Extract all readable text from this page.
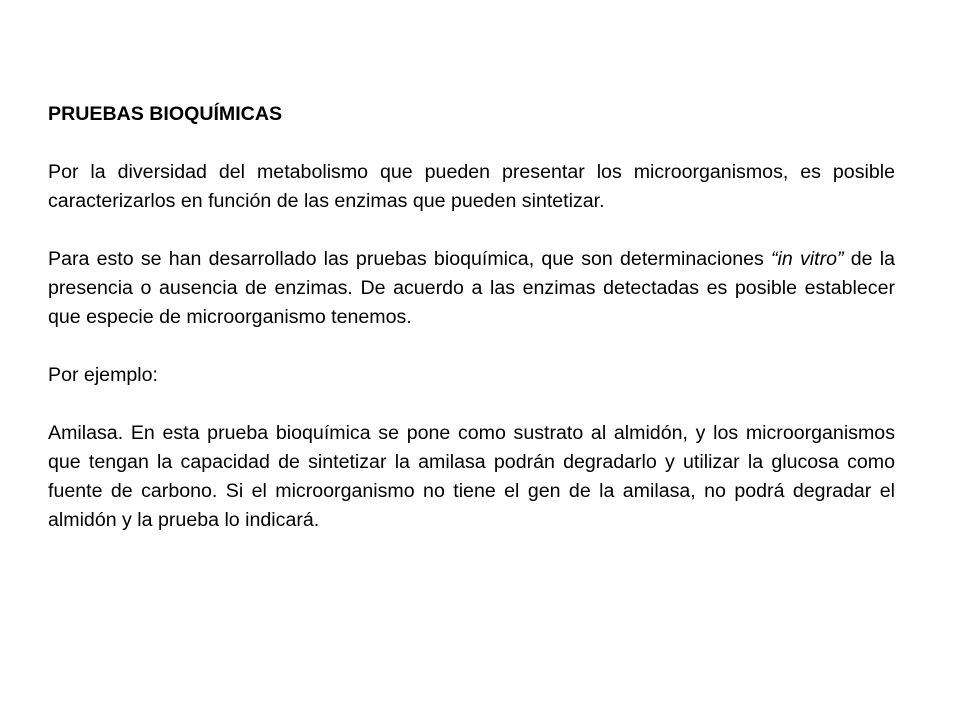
PRUEBAS BIOQUÍMICAS

Por la diversidad del metabolismo que pueden presentar los microorganismos, es posible caracterizarlos en función de las enzimas que pueden sintetizar.

Para esto se han desarrollado las pruebas bioquímica, que son determinaciones “in vitro” de la presencia o ausencia de enzimas. De acuerdo a las enzimas detectadas es posible establecer que especie de microorganismo tenemos.

Por ejemplo:

Amilasa. En esta prueba bioquímica se pone como sustrato al almidón, y los microorganismos que tengan la capacidad de sintetizar la amilasa podrán degradarlo y utilizar la glucosa como fuente de carbono. Si el microorganismo no tiene el gen de la amilasa, no podrá degradar el almidón y la prueba lo indicará.
